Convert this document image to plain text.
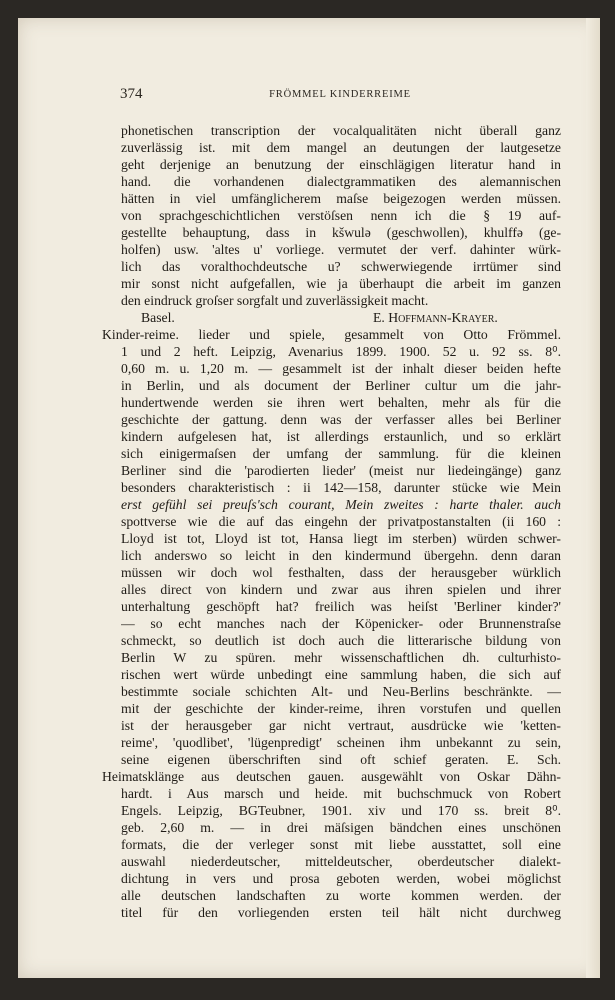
374	FRÖMMEL KINDERREIME
phonetischen transcription der vocalqualitäten nicht überall ganz
zuverlässig ist. mit dem mangel an deutungen der lautgesetze
geht derjenige an benutzung der einschlägigen literatur hand in
hand. die vorhandenen dialectgrammatiken des alemannischen
hätten in viel umfänglicherem maſse beigezogen werden müssen.
von sprachgeschichtlichen verstöſsen nenn ich die § 19 auf-
gestellte behauptung, dass in kšwulə (geschwollen), khulffə (ge-
holfen) usw. 'altes u' vorliege. vermutet der verf. dahinter würk-
lich das voralthochdeutsche u? schwerwiegende irrtümer sind
mir sonst nicht aufgefallen, wie ja überhaupt die arbeit im ganzen
den eindruck groſser sorgfalt und zuverlässigkeit macht.
Basel.	E. Hoffmann-Krayer.
Kinder-reime. lieder und spiele, gesammelt von Otto Frömmel.
1 und 2 heft. Leipzig, Avenarius 1899. 1900. 52 u. 92 ss. 8⁰.
0,60 m. u. 1,20 m. — gesammelt ist der inhalt dieser beiden hefte
in Berlin, und als document der Berliner cultur um die jahr-
hundertwende werden sie ihren wert behalten, mehr als für die
geschichte der gattung. denn was der verfasser alles bei Berliner
kindern aufgelesen hat, ist allerdings erstaunlich, und so erklärt
sich einigermaſsen der umfang der sammlung. für die kleinen
Berliner sind die 'parodierten lieder' (meist nur liedeingänge) ganz
besonders charakteristisch : ii 142—158, darunter stücke wie Mein
erst gefühl sei preuſs'sch courant, Mein zweites : harte thaler. auch
spottverse wie die auf das eingehn der privatpostanstalten (ii 160 :
Lloyd ist tot, Lloyd ist tot, Hansa liegt im sterben) würden schwer-
lich anderswo so leicht in den kindermund übergehn. denn daran
müssen wir doch wol festhalten, dass der herausgeber würklich
alles direct von kindern und zwar aus ihren spielen und ihrer
unterhaltung geschöpft hat? freilich was heiſst 'Berliner kinder?'
— so echt manches nach der Köpenicker- oder Brunnenstraſse
schmeckt, so deutlich ist doch auch die litterarische bildung von
Berlin W zu spüren. mehr wissenschaftlichen dh. culturhisto-
rischen wert würde unbedingt eine sammlung haben, die sich auf
bestimmte sociale schichten Alt- und Neu-Berlins beschränkte. —
mit der geschichte der kinder-reime, ihren vorstufen und quellen
ist der herausgeber gar nicht vertraut, ausdrücke wie 'ketten-
reime', 'quodlibet', 'lügenpredigt' scheinen ihm unbekannt zu sein,
seine eigenen überschriften sind oft schief geraten. E. Sch.
Heimatsklänge aus deutschen gauen. ausgewählt von Oskar Dähn-
hardt. i Aus marsch und heide. mit buchschmuck von Robert
Engels. Leipzig, BGTeubner, 1901. xiv und 170 ss. breit 8⁰.
geb. 2,60 m. — in drei mäſsigen bändchen eines unschönen
formats, die der verleger sonst mit liebe ausstattet, soll eine
auswahl niederdeutscher, mitteldeutscher, oberdeutscher dialekt-
dichtung in vers und prosa geboten werden, wobei möglichst
alle deutschen landschaften zu worte kommen werden. der
titel für den vorliegenden ersten teil hält nicht durchweg
